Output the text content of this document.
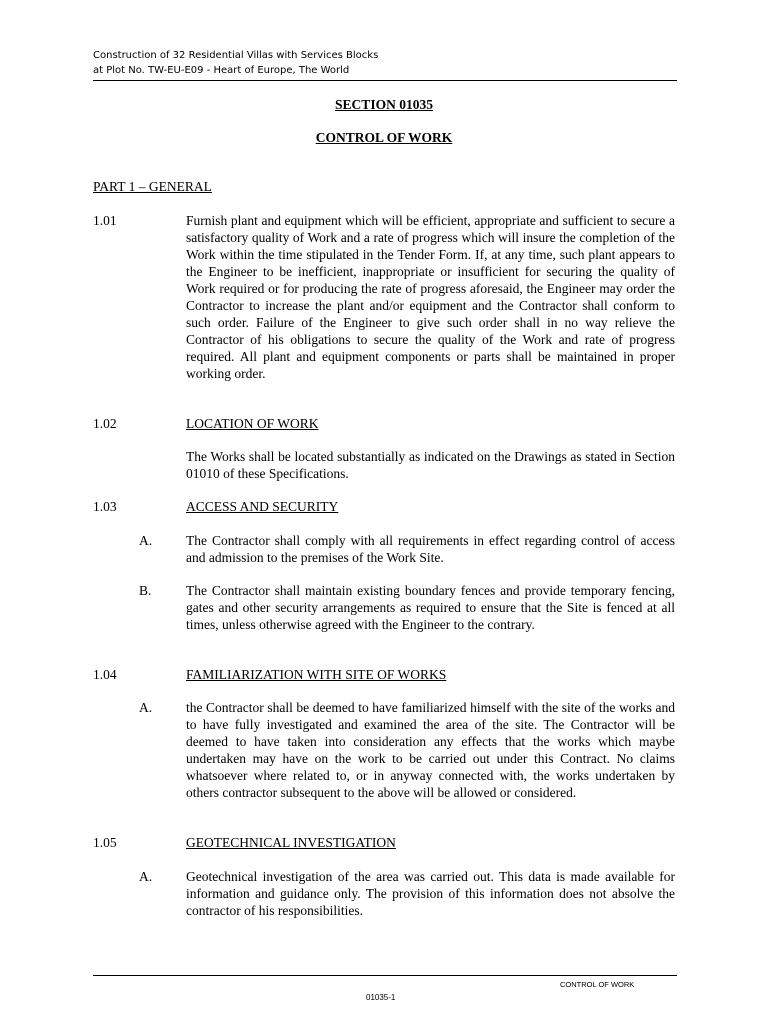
Construction of 32 Residential Villas with Services Blocks
at Plot No. TW-EU-E09 - Heart of Europe, The World
SECTION 01035
CONTROL OF WORK
PART 1 – GENERAL
1.01	Furnish plant and equipment which will be efficient, appropriate and sufficient to secure a satisfactory quality of Work and a rate of progress which will insure the completion of the Work within the time stipulated in the Tender Form. If, at any time, such plant appears to the Engineer to be inefficient, inappropriate or insufficient for securing the quality of Work required or for producing the rate of progress aforesaid, the Engineer may order the Contractor to increase the plant and/or equipment and the Contractor shall conform to such order. Failure of the Engineer to give such order shall in no way relieve the Contractor of his obligations to secure the quality of the Work and rate of progress required. All plant and equipment components or parts shall be maintained in proper working order.

1.02	LOCATION OF WORK

The Works shall be located substantially as indicated on the Drawings as stated in Section 01010 of these Specifications.

1.03	ACCESS AND SECURITY
A.	The Contractor shall comply with all requirements in effect regarding control of access and admission to the premises of the Work Site.

B.	The Contractor shall maintain existing boundary fences and provide temporary fencing, gates and other security arrangements as required to ensure that the Site is fenced at all times, unless otherwise agreed with the Engineer to the contrary.

1.04	FAMILIARIZATION WITH SITE OF WORKS
A.	the Contractor shall be deemed to have familiarized himself with the site of the works and to have fully investigated and examined the area of the site. The Contractor will be deemed to have taken into consideration any effects that the works which maybe undertaken may have on the work to be carried out under this Contract. No claims whatsoever where related to, or in anyway connected with, the works undertaken by others contractor subsequent to the above will be allowed or considered.

1.05	GEOTECHNICAL INVESTIGATION
A.	Geotechnical investigation of the area was carried out. This data is made available for information and guidance only. The provision of this information does not absolve the contractor of his responsibilities.

CONTROL OF WORK
01035-1
